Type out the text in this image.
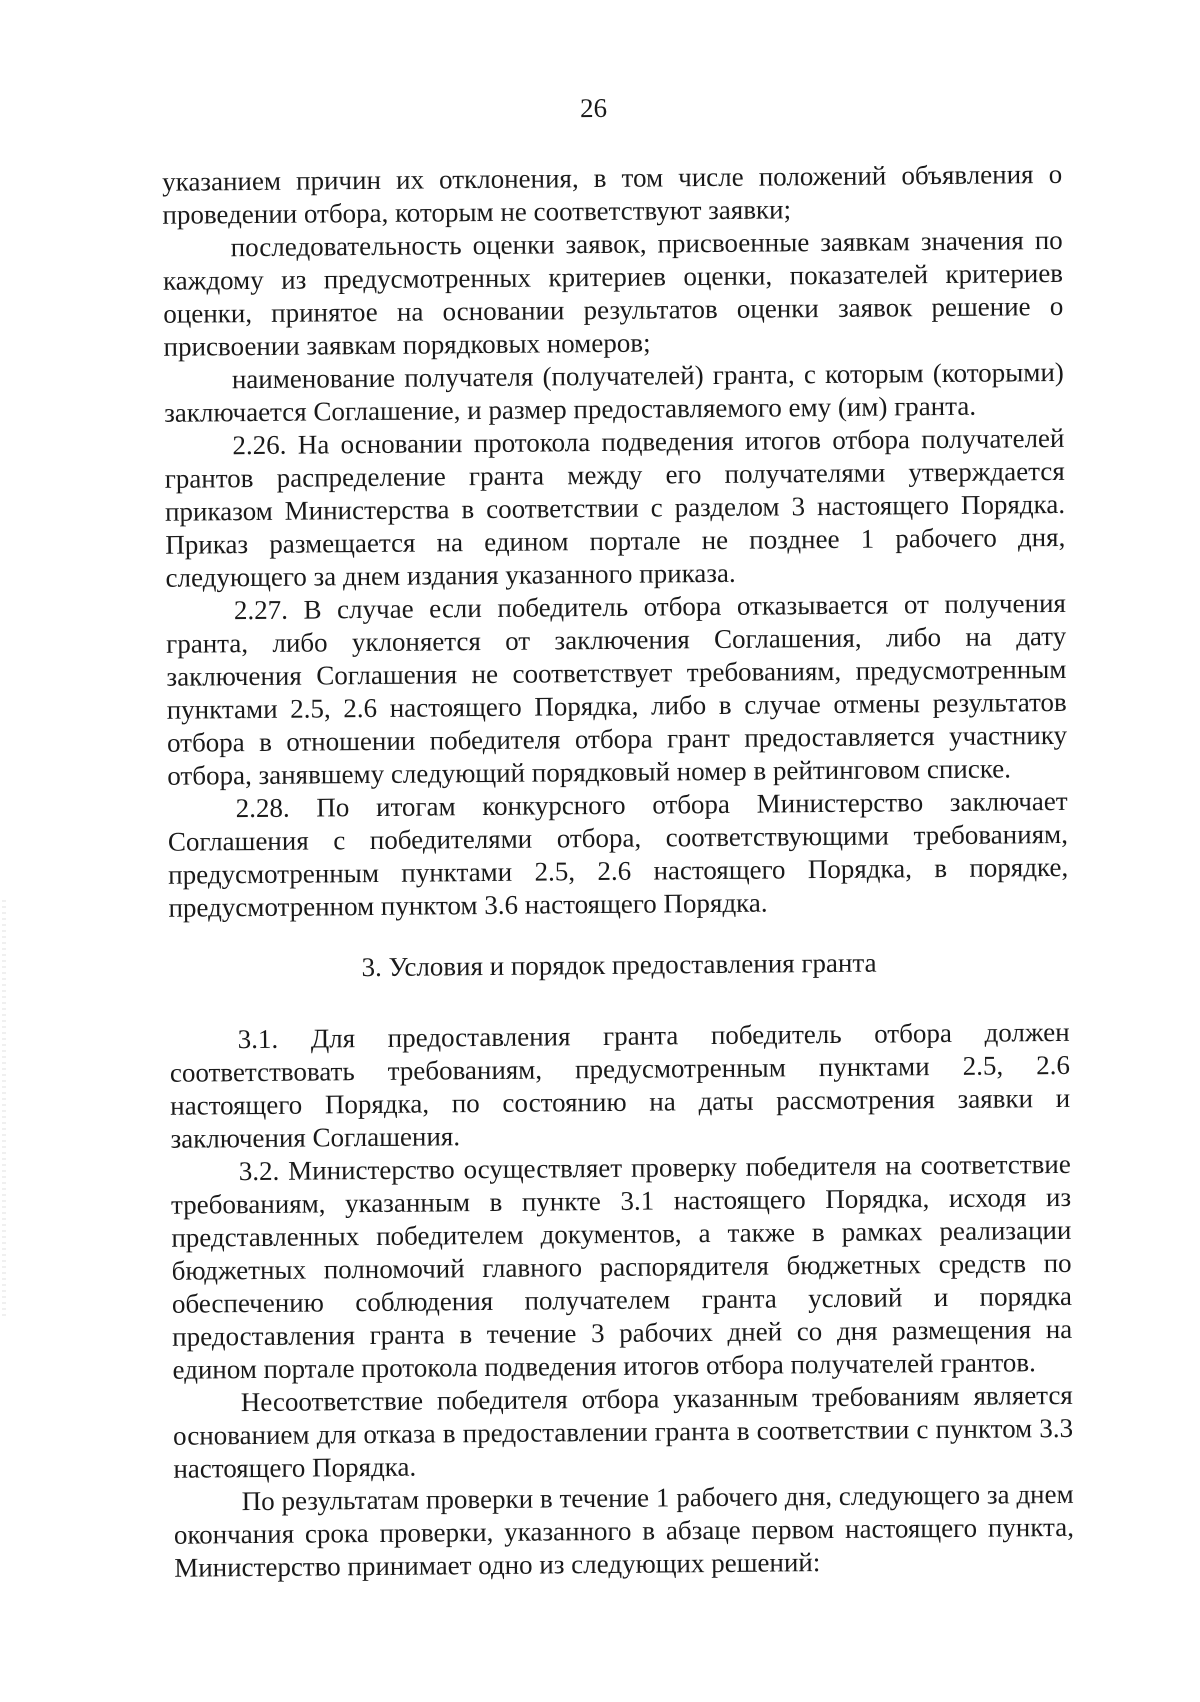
26

указанием причин их отклонения, в том числе положений объявления о проведении отбора, которым не соответствуют заявки;

последовательность оценки заявок, присвоенные заявкам значения по каждому из предусмотренных критериев оценки, показателей критериев оценки, принятое на основании результатов оценки заявок решение о присвоении заявкам порядковых номеров;

наименование получателя (получателей) гранта, с которым (которыми) заключается Соглашение, и размер предоставляемого ему (им) гранта.

2.26. На основании протокола подведения итогов отбора получателей грантов распределение гранта между его получателями утверждается приказом Министерства в соответствии с разделом 3 настоящего Порядка. Приказ размещается на едином портале не позднее 1 рабочего дня, следующего за днем издания указанного приказа.

2.27. В случае если победитель отбора отказывается от получения гранта, либо уклоняется от заключения Соглашения, либо на дату заключения Соглашения не соответствует требованиям, предусмотренным пунктами 2.5, 2.6 настоящего Порядка, либо в случае отмены результатов отбора в отношении победителя отбора грант предоставляется участнику отбора, занявшему следующий порядковый номер в рейтинговом списке.

2.28. По итогам конкурсного отбора Министерство заключает Соглашения с победителями отбора, соответствующими требованиям, предусмотренным пунктами 2.5, 2.6 настоящего Порядка, в порядке, предусмотренном пунктом 3.6 настоящего Порядка.

3. Условия и порядок предоставления гранта

3.1. Для предоставления гранта победитель отбора должен соответствовать требованиям, предусмотренным пунктами 2.5, 2.6 настоящего Порядка, по состоянию на даты рассмотрения заявки и заключения Соглашения.

3.2. Министерство осуществляет проверку победителя на соответствие требованиям, указанным в пункте 3.1 настоящего Порядка, исходя из представленных победителем документов, а также в рамках реализации бюджетных полномочий главного распорядителя бюджетных средств по обеспечению соблюдения получателем гранта условий и порядка предоставления гранта в течение 3 рабочих дней со дня размещения на едином портале протокола подведения итогов отбора получателей грантов.

Несоответствие победителя отбора указанным требованиям является основанием для отказа в предоставлении гранта в соответствии с пунктом 3.3 настоящего Порядка.

По результатам проверки в течение 1 рабочего дня, следующего за днем окончания срока проверки, указанного в абзаце первом настоящего пункта, Министерство принимает одно из следующих решений:
